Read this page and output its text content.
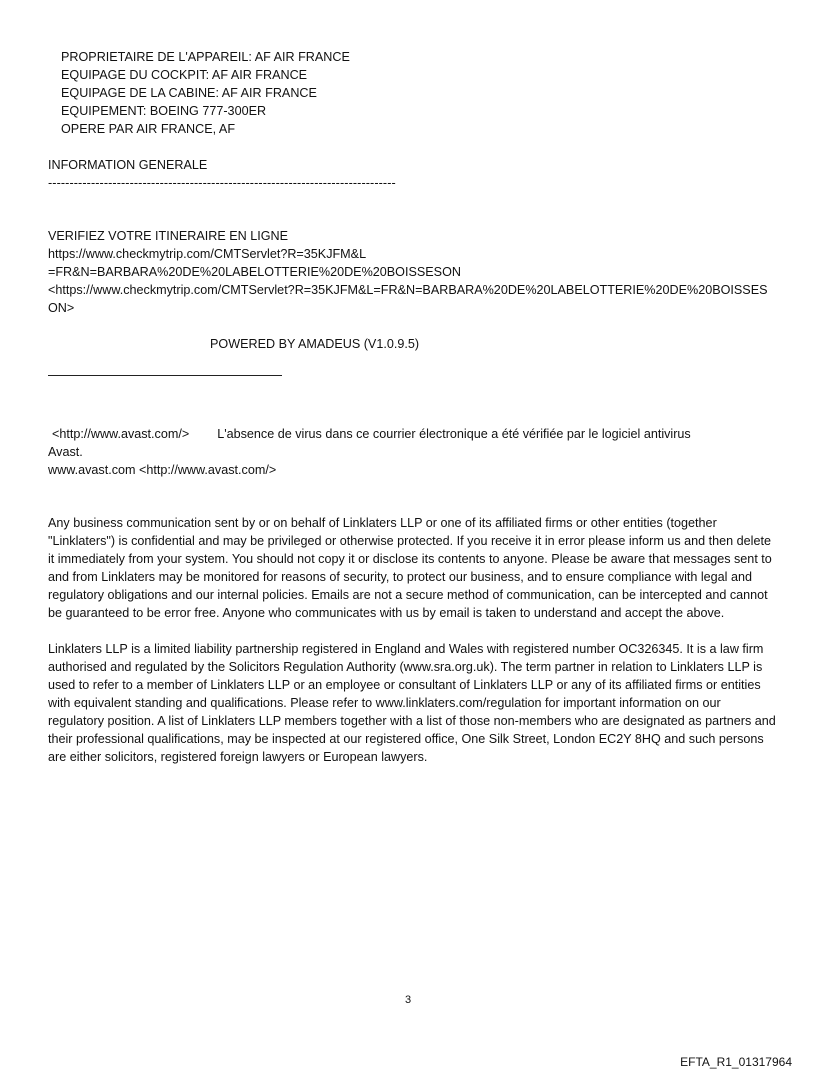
PROPRIETAIRE DE L'APPAREIL: AF AIR FRANCE
EQUIPAGE DU COCKPIT: AF AIR FRANCE
EQUIPAGE DE LA CABINE: AF AIR FRANCE
EQUIPEMENT: BOEING 777-300ER
OPERE PAR AIR FRANCE, AF
INFORMATION GENERALE
---------------------------------------------------------------------------------
VERIFIEZ VOTRE ITINERAIRE EN LIGNE
https://www.checkmytrip.com/CMTServlet?R=35KJFM&L
=FR&N=BARBARA%20DE%20LABELOTTERIE%20DE%20BOISSESON
<https://www.checkmytrip.com/CMTServlet?R=35KJFM&L=FR&N=BARBARA%20DE%20LABELOTTERIE%20DE%20BOISSESON>
POWERED BY AMADEUS (V1.0.9.5)
<http://www.avast.com/> L'absence de virus dans ce courrier électronique a été vérifiée par le logiciel antivirus
Avast.
www.avast.com <http://www.avast.com/>

Any business communication sent by or on behalf of Linklaters LLP or one of its affiliated firms or other entities (together "Linklaters") is confidential and may be privileged or otherwise protected. If you receive it in error please inform us and then delete it immediately from your system. You should not copy it or disclose its contents to anyone. Please be aware that messages sent to and from Linklaters may be monitored for reasons of security, to protect our business, and to ensure compliance with legal and regulatory obligations and our internal policies. Emails are not a secure method of communication, can be intercepted and cannot be guaranteed to be error free. Anyone who communicates with us by email is taken to understand and accept the above.

Linklaters LLP is a limited liability partnership registered in England and Wales with registered number OC326345. It is a law firm authorised and regulated by the Solicitors Regulation Authority (www.sra.org.uk). The term partner in relation to Linklaters LLP is used to refer to a member of Linklaters LLP or an employee or consultant of Linklaters LLP or any of its affiliated firms or entities with equivalent standing and qualifications. Please refer to www.linklaters.com/regulation for important information on our regulatory position. A list of Linklaters LLP members together with a list of those non-members who are designated as partners and their professional qualifications, may be inspected at our registered office, One Silk Street, London EC2Y 8HQ and such persons are either solicitors, registered foreign lawyers or European lawyers.

3
EFTA_R1_01317964
